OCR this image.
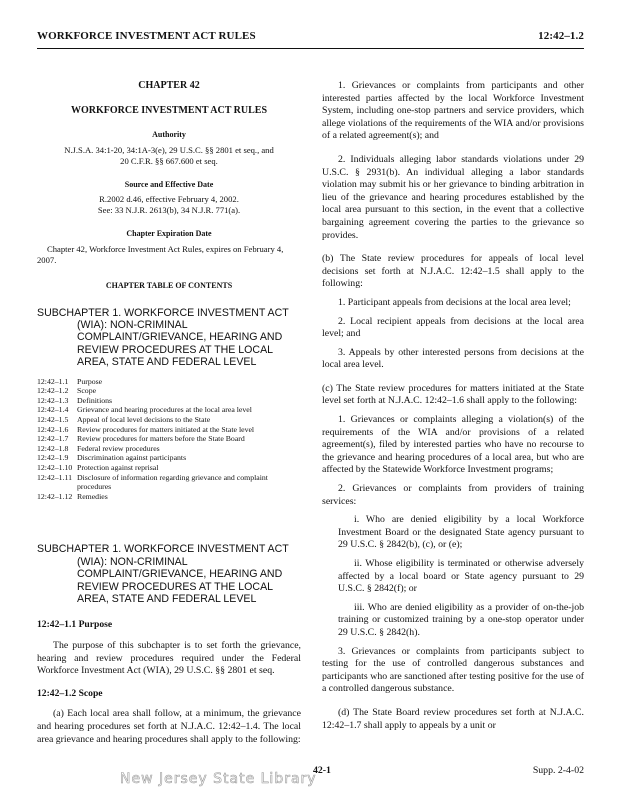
WORKFORCE INVESTMENT ACT RULES	12:42–1.2
CHAPTER 42
WORKFORCE INVESTMENT ACT RULES
Authority
N.J.S.A. 34:1-20, 34:1A-3(e), 29 U.S.C. §§ 2801 et seq., and 20 C.F.R. §§ 667.600 et seq.
Source and Effective Date
R.2002 d.46, effective February 4, 2002.
See: 33 N.J.R. 2613(b), 34 N.J.R. 771(a).
Chapter Expiration Date
Chapter 42, Workforce Investment Act Rules, expires on February 4, 2007.
CHAPTER TABLE OF CONTENTS
SUBCHAPTER 1. WORKFORCE INVESTMENT ACT (WIA): NON-CRIMINAL COMPLAINT/GRIEVANCE, HEARING AND REVIEW PROCEDURES AT THE LOCAL AREA, STATE AND FEDERAL LEVEL
12:42–1.1	Purpose
12:42–1.2	Scope
12:42–1.3	Definitions
12:42–1.4	Grievance and hearing procedures at the local area level
12:42–1.5	Appeal of local level decisions to the State
12:42–1.6	Review procedures for matters initiated at the State level
12:42–1.7	Review procedures for matters before the State Board
12:42–1.8	Federal review procedures
12:42–1.9	Discrimination against participants
12:42–1.10 Protection against reprisal
12:42–1.11 Disclosure of information regarding grievance and complaint procedures
12:42–1.12 Remedies
SUBCHAPTER 1. WORKFORCE INVESTMENT ACT (WIA): NON-CRIMINAL COMPLAINT/GRIEVANCE, HEARING AND REVIEW PROCEDURES AT THE LOCAL AREA, STATE AND FEDERAL LEVEL
12:42–1.1 Purpose

The purpose of this subchapter is to set forth the grievance, hearing and review procedures required under the Federal Workforce Investment Act (WIA), 29 U.S.C. §§ 2801 et seq.

12:42–1.2 Scope

(a) Each local area shall follow, at a minimum, the grievance and hearing procedures set forth at N.J.A.C. 12:42–1.4. The local area grievance and hearing procedures shall apply to the following:

1. Grievances or complaints from participants and other interested parties affected by the local Workforce Investment System, including one-stop partners and service providers, which allege violations of the requirements of the WIA and/or provisions of a related agreement(s); and

2. Individuals alleging labor standards violations under 29 U.S.C. § 2931(b). An individual alleging a labor standards violation may submit his or her grievance to binding arbitration in lieu of the grievance and hearing procedures established by the local area pursuant to this section, in the event that a collective bargaining agreement covering the parties to the grievance so provides.

(b) The State review procedures for appeals of local level decisions set forth at N.J.A.C. 12:42–1.5 shall apply to the following:

1. Participant appeals from decisions at the local area level;

2. Local recipient appeals from decisions at the local area level; and

3. Appeals by other interested persons from decisions at the local area level.

(c) The State review procedures for matters initiated at the State level set forth at N.J.A.C. 12:42–1.6 shall apply to the following:

1. Grievances or complaints alleging a violation(s) of the requirements of the WIA and/or provisions of a related agreement(s), filed by interested parties who have no recourse to the grievance and hearing procedures of a local area, but who are affected by the Statewide Workforce Investment programs;

2. Grievances or complaints from providers of training services:

i. Who are denied eligibility by a local Workforce Investment Board or the designated State agency pursuant to 29 U.S.C. § 2842(b), (c), or (e);

ii. Whose eligibility is terminated or otherwise adversely affected by a local board or State agency pursuant to 29 U.S.C. § 2842(f); or

iii. Who are denied eligibility as a provider of on-the-job training or customized training by a one-stop operator under 29 U.S.C. § 2842(h).

3. Grievances or complaints from participants subject to testing for the use of controlled dangerous substances and participants who are sanctioned after testing positive for the use of a controlled dangerous substance.

(d) The State Board review procedures set forth at N.J.A.C. 12:42–1.7 shall apply to appeals by a unit or

42-1	Supp. 2-4-02
New Jersey State Library
